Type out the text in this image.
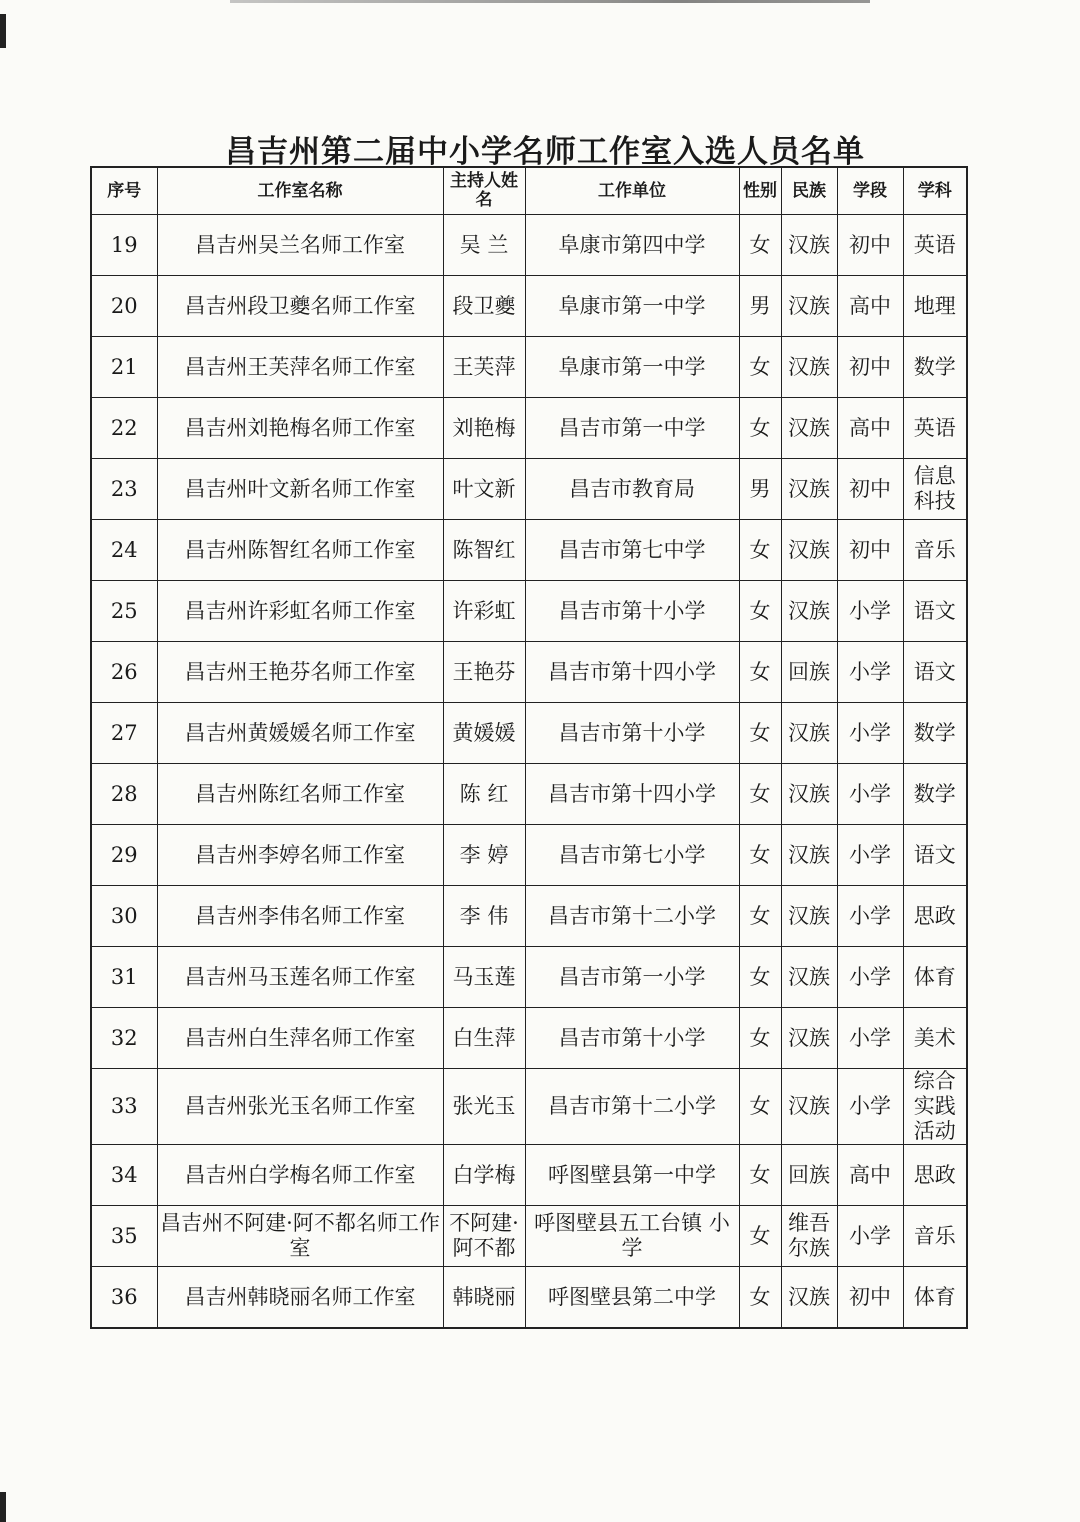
昌吉州第二届中小学名师工作室入选人员名单
序号	工作室名称	主持人姓名	工作单位	性别	民族	学段	学科
19	昌吉州吴兰名师工作室	吴 兰	阜康市第四中学	女	汉族	初中	英语
20	昌吉州段卫夔名师工作室	段卫夔	阜康市第一中学	男	汉族	高中	地理
21	昌吉州王芙萍名师工作室	王芙萍	阜康市第一中学	女	汉族	初中	数学
22	昌吉州刘艳梅名师工作室	刘艳梅	昌吉市第一中学	女	汉族	高中	英语
23	昌吉州叶文新名师工作室	叶文新	昌吉市教育局	男	汉族	初中	信息科技
24	昌吉州陈智红名师工作室	陈智红	昌吉市第七中学	女	汉族	初中	音乐
25	昌吉州许彩虹名师工作室	许彩虹	昌吉市第十小学	女	汉族	小学	语文
26	昌吉州王艳芬名师工作室	王艳芬	昌吉市第十四小学	女	回族	小学	语文
27	昌吉州黄媛媛名师工作室	黄媛媛	昌吉市第十小学	女	汉族	小学	数学
28	昌吉州陈红名师工作室	陈 红	昌吉市第十四小学	女	汉族	小学	数学
29	昌吉州李婷名师工作室	李 婷	昌吉市第七小学	女	汉族	小学	语文
30	昌吉州李伟名师工作室	李 伟	昌吉市第十二小学	女	汉族	小学	思政
31	昌吉州马玉莲名师工作室	马玉莲	昌吉市第一小学	女	汉族	小学	体育
32	昌吉州白生萍名师工作室	白生萍	昌吉市第十小学	女	汉族	小学	美术
33	昌吉州张光玉名师工作室	张光玉	昌吉市第十二小学	女	汉族	小学	综合实践活动
34	昌吉州白学梅名师工作室	白学梅	呼图壁县第一中学	女	回族	高中	思政
35	昌吉州不阿建·阿不都名师工作室	不阿建·阿不都	呼图壁县五工台镇 小学	女	维吾尔族	小学	音乐
36	昌吉州韩晓丽名师工作室	韩晓丽	呼图壁县第二中学	女	汉族	初中	体育
